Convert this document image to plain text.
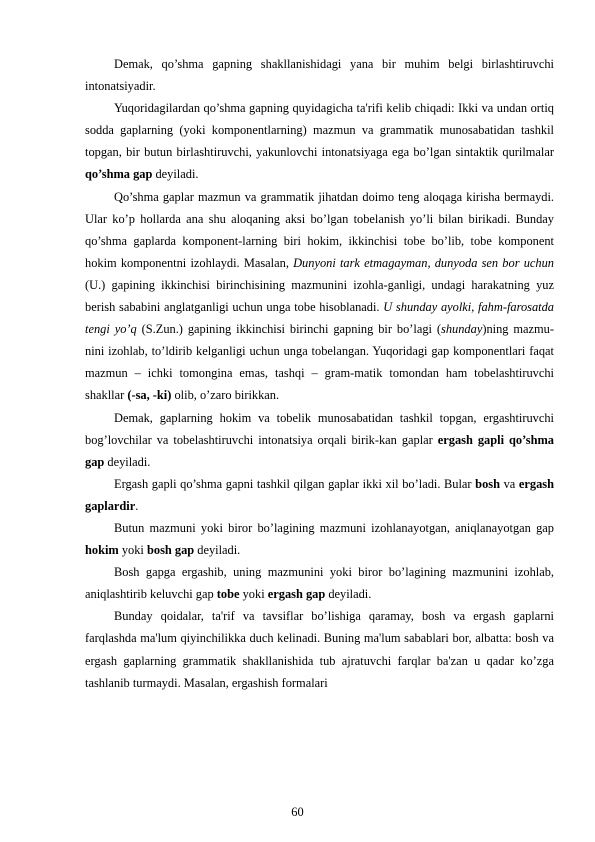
Demak, qo’shma gapning shakllanishidagi yana bir muhim belgi birlashtiruvchi intonatsiyadir.

Yuqoridagilardan qo’shma gapning quyidagicha ta'rifi kelib chiqadi: Ikki va undan ortiq sodda gaplarning (yoki komponentlarning) mazmun va grammatik munosabatidan tashkil topgan, bir butun birlashtiruvchi, yakunlovchi intonatsiyaga ega bo’lgan sintaktik qurilmalar qo’shma gap deyiladi.

Qo’shma gaplar mazmun va grammatik jihatdan doimo teng aloqaga kirisha bermaydi. Ular ko’p hollarda ana shu aloqaning aksi bo’lgan tobelanish yo’li bilan birikadi. Bunday qo’shma gaplarda komponent-larning biri hokim, ikkinchisi tobe bo’lib, tobe komponent hokim komponentni izohlaydi. Masalan, Dunyoni tark etmagayman, dunyoda sen bor uchun (U.) gapining ikkinchisi birinchisining mazmunini izohla-ganligi, undagi harakatning yuz berish sababini anglatganligi uchun unga tobe hisoblanadi. U shunday ayolki, fahm-farosatda tengi yo’q (S.Zun.) gapining ikkinchisi birinchi gapning bir bo’lagi (shunday)ning mazmu-nini izohlab, to’ldirib kelganligi uchun unga tobelangan. Yuqoridagi gap komponentlari faqat mazmun – ichki tomongina emas, tashqi – gram-matik tomondan ham tobelashtiruvchi shakllar (-sa, -ki) olib, o’zaro birikkan.

Demak, gaplarning hokim va tobelik munosabatidan tashkil topgan, ergashtiruvchi bog’lovchilar va tobelashtiruvchi intonatsiya orqali birik-kan gaplar ergash gapli qo’shma gap deyiladi.

Ergash gapli qo’shma gapni tashkil qilgan gaplar ikki xil bo’ladi. Bular bosh va ergash gaplardir.

Butun mazmuni yoki biror bo’lagining mazmuni izohlanayotgan, aniqlanayotgan gap hokim yoki bosh gap deyiladi.

Bosh gapga ergashib, uning mazmunini yoki biror bo’lagining mazmunini izohlab, aniqlashtirib keluvchi gap tobe yoki ergash gap deyiladi.

Bunday qoidalar, ta'rif va tavsiflar bo’lishiga qaramay, bosh va ergash gaplarni farqlashda ma'lum qiyinchilikka duch kelinadi. Buning ma'lum sabablari bor, albatta: bosh va ergash gaplarning grammatik shakllanishida tub ajratuvchi farqlar ba'zan u qadar ko’zga tashlanib turmaydi. Masalan, ergashish formalari

60
